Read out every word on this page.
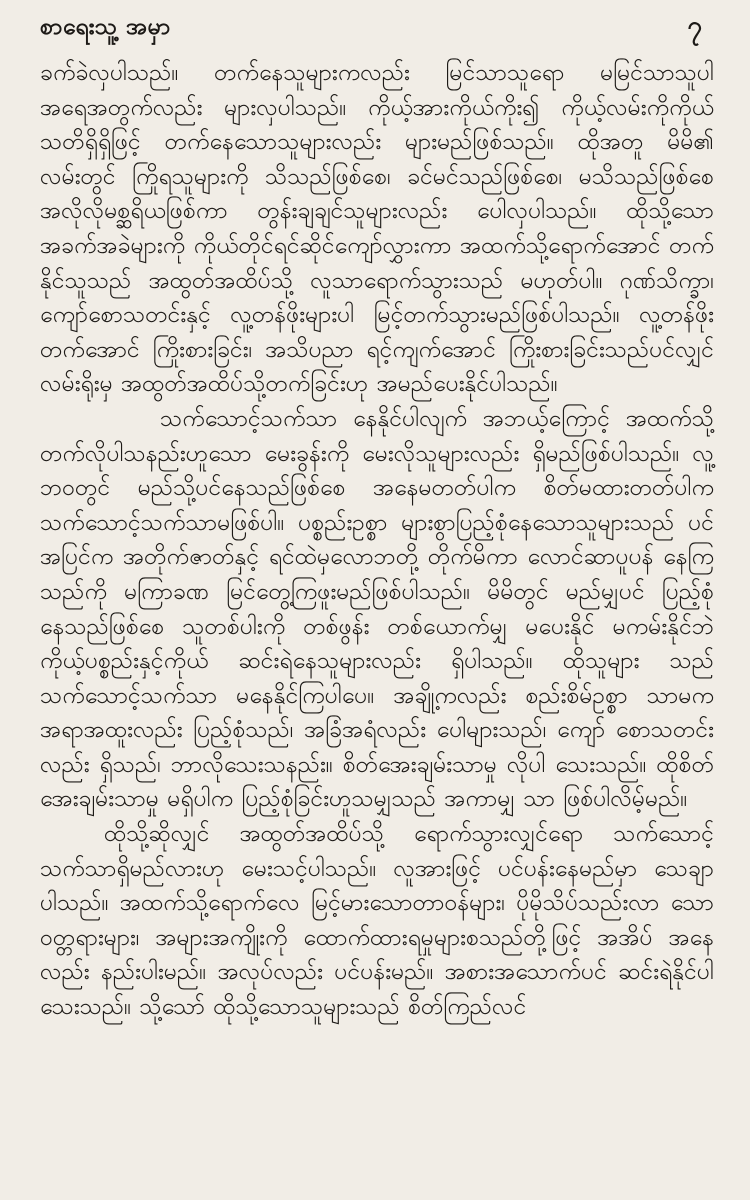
စာရေးသူ့ အမှာ	၇

ခက်ခဲလှပါသည်။ တက်နေသူများကလည်း မြင်သာသူရော မမြင်သာသူပါ အရေအတွက်လည်း များလှပါသည်။ ကိုယ့်အားကိုယ်ကိုး၍ ကိုယ့်လမ်းကိုကိုယ် သတိရှိရှိဖြင့် တက်နေသောသူများလည်း များမည်ဖြစ်သည်။ ထိုအတူ မိမိ၏ လမ်းတွင် ကြိုရသူများကို သိသည်ဖြစ်စေ၊ ခင်မင်သည်ဖြစ်စေ၊ မသိသည်ဖြစ်စေ အလိုလိုမစ္ဆရိယဖြစ်ကာ တွန်းချချင်သူများလည်း ပေါလှပါသည်။ ထိုသို့သော အခက်အခဲများကို ကိုယ်တိုင်ရင်ဆိုင်ကျော်လွှားကာ အထက်သို့ရောက်အောင် တက်နိုင်သူသည် အထွတ်အထိပ်သို့ လူသာရောက်သွားသည် မဟုတ်ပါ။ ဂုဏ်သိက္ခာ၊ ကျော်စောသတင်းနှင့် လူ့တန်ဖိုးများပါ မြင့်တက်သွားမည်ဖြစ်ပါသည်။ လူ့တန်ဖိုးတက်အောင် ကြိုးစားခြင်း၊ အသိပညာ ရင့်ကျက်အောင် ကြိုးစားခြင်းသည်ပင်လျှင် လမ်းရိုးမှ အထွတ်အထိပ်သို့တက်ခြင်းဟု အမည်ပေးနိုင်ပါသည်။

သက်သောင့်သက်သာ နေနိုင်ပါလျက် အဘယ့်ကြောင့် အထက်သို့ တက်လိုပါသနည်းဟူသော မေးခွန်းကို မေးလိုသူများလည်း ရှိမည်ဖြစ်ပါသည်။ လူ့ဘဝတွင် မည်သို့ပင်နေသည်ဖြစ်စေ အနေမတတ်ပါက စိတ်မထားတတ်ပါက သက်သောင့်သက်သာမဖြစ်ပါ။ ပစ္စည်းဥစ္စာ များစွာပြည့်စုံနေသောသူများသည် ပင် အပြင်က အတိုက်ဇာတ်နှင့် ရင်ထဲမှလောဘတို့ တိုက်မိကာ လောင်ဆာပူပန် နေကြသည်ကို မကြာခဏ မြင်တွေ့ကြဖူးမည်ဖြစ်ပါသည်။ မိမိတွင် မည်မျှပင် ပြည့်စုံနေသည်ဖြစ်စေ သူတစ်ပါးကို တစ်ဖွန်း တစ်ယောက်မျှ မပေးနိုင် မကမ်းနိုင်ဘဲ ကိုယ့်ပစ္စည်းနှင့်ကိုယ် ဆင်းရဲနေသူများလည်း ရှိပါသည်။ ထိုသူများ သည် သက်သောင့်သက်သာ မနေနိုင်ကြပါပေ။ အချို့ကလည်း စည်းစိမ်ဥစ္စာ သာမက အရာအထူးလည်း ပြည့်စုံသည်၊ အခြံအရံလည်း ပေါများသည်၊ ကျော် စောသတင်းလည်း ရှိသည်၊ ဘာလိုသေးသနည်း။ စိတ်အေးချမ်းသာမှု လိုပါ သေးသည်။ ထိုစိတ်အေးချမ်းသာမှု မရှိပါက ပြည့်စုံခြင်းဟူသမျှသည် အကာမျှ သာ ဖြစ်ပါလိမ့်မည်။

ထိုသို့ဆိုလျှင် အထွတ်အထိပ်သို့ ရောက်သွားလျှင်ရော သက်သောင့် သက်သာရှိမည်လားဟု မေးသင့်ပါသည်။ လူအားဖြင့် ပင်ပန်းနေမည်မှာ သေချာ ပါသည်။ အထက်သို့ရောက်လေ မြင့်မားသောတာဝန်များ၊ ပိုမိုသိပ်သည်းလာ သော ဝတ္တရားများ၊ အများအကျိုးကို ထောက်ထားရမှုများစသည်တို့ဖြင့် အအိပ် အနေလည်း နည်းပါးမည်။ အလုပ်လည်း ပင်ပန်းမည်။ အစားအသောက်ပင် ဆင်းရဲနိုင်ပါသေးသည်။ သို့သော် ထိုသို့သောသူများသည် စိတ်ကြည်လင်
